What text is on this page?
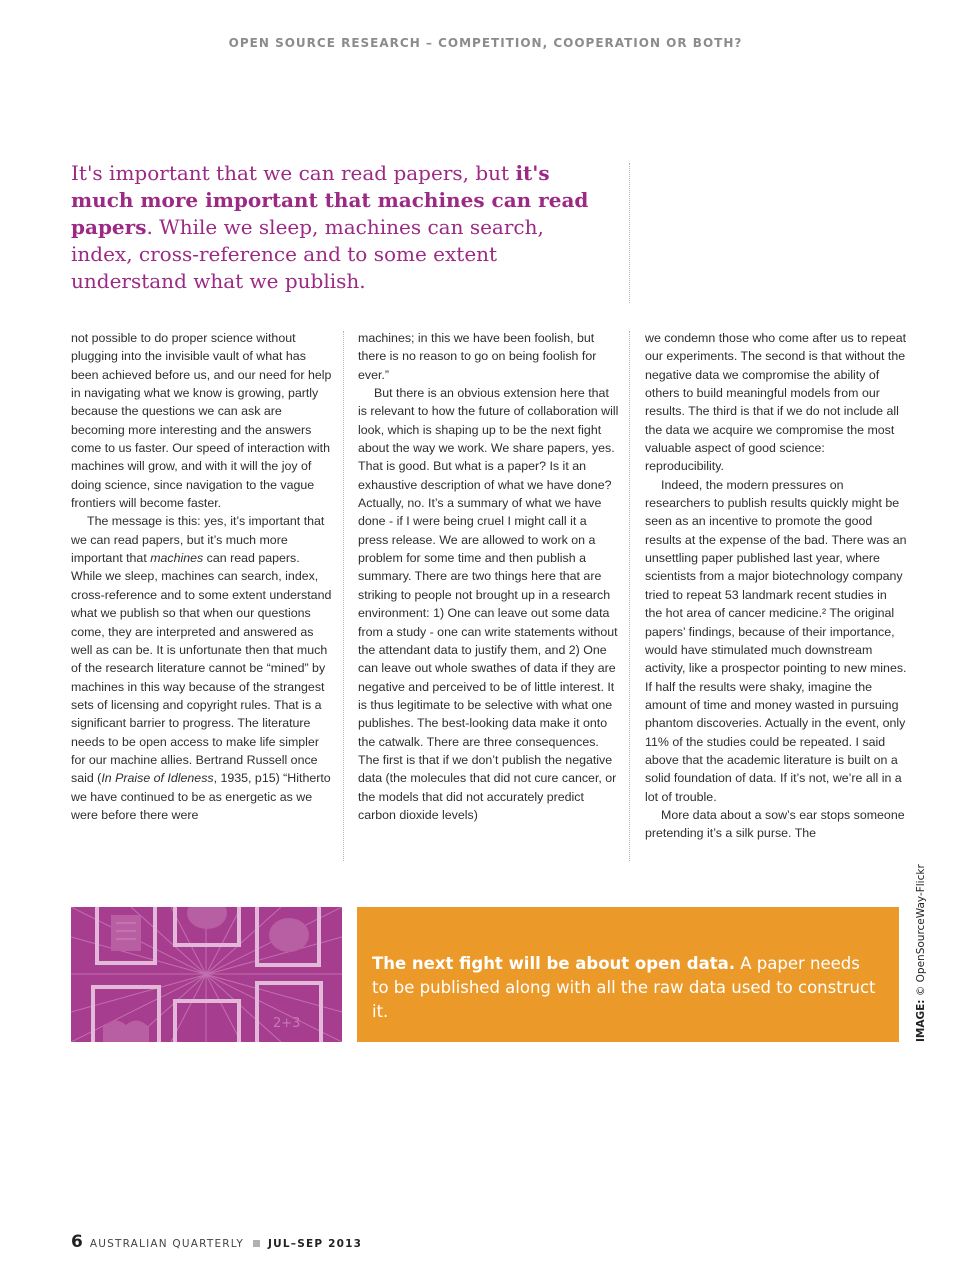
OPEN SOURCE RESEARCH – COMPETITION, COOPERATION OR BOTH?

It's important that we can read papers, but it's much more important that machines can read papers. While we sleep, machines can search, index, cross-reference and to some extent understand what we publish.

not possible to do proper science without plugging into the invisible vault of what has been achieved before us, and our need for help in navigating what we know is growing, partly because the questions we can ask are becoming more interesting and the answers come to us faster. Our speed of interaction with machines will grow, and with it will the joy of doing science, since navigation to the vague frontiers will become faster.

The message is this: yes, it’s important that we can read papers, but it’s much more important that machines can read papers. While we sleep, machines can search, index, cross-reference and to some extent understand what we publish so that when our questions come, they are interpreted and answered as well as can be. It is unfortunate then that much of the research literature cannot be “mined” by machines in this way because of the strangest sets of licensing and copyright rules. That is a significant barrier to progress. The literature needs to be open access to make life simpler for our machine allies. Bertrand Russell once said (In Praise of Idleness, 1935, p15) “Hitherto we have continued to be as energetic as we were before there were

machines; in this we have been foolish, but there is no reason to go on being foolish for ever.”

But there is an obvious extension here that is relevant to how the future of collaboration will look, which is shaping up to be the next fight about the way we work. We share papers, yes. That is good. But what is a paper? Is it an exhaustive description of what we have done? Actually, no. It’s a summary of what we have done - if I were being cruel I might call it a press release. We are allowed to work on a problem for some time and then publish a summary. There are two things here that are striking to people not brought up in a research environment: 1) One can leave out some data from a study - one can write statements without the attendant data to justify them, and 2) One can leave out whole swathes of data if they are negative and perceived to be of little interest. It is thus legitimate to be selective with what one publishes. The best-looking data make it onto the catwalk. There are three consequences. The first is that if we don’t publish the negative data (the molecules that did not cure cancer, or the models that did not accurately predict carbon dioxide levels)

we condemn those who come after us to repeat our experiments. The second is that without the negative data we compromise the ability of others to build meaningful models from our results. The third is that if we do not include all the data we acquire we compromise the most valuable aspect of good science: reproducibility.

Indeed, the modern pressures on researchers to publish results quickly might be seen as an incentive to promote the good results at the expense of the bad. There was an unsettling paper published last year, where scientists from a major biotechnology company tried to repeat 53 landmark recent studies in the hot area of cancer medicine.² The original papers’ findings, because of their importance, would have stimulated much downstream activity, like a prospector pointing to new mines. If half the results were shaky, imagine the amount of time and money wasted in pursuing phantom discoveries. Actually in the event, only 11% of the studies could be repeated. I said above that the academic literature is built on a solid foundation of data. If it’s not, we’re all in a lot of trouble.

More data about a sow’s ear stops someone pretending it’s a silk purse. The

2+3
The next fight will be about open data. A paper needs to be published along with all the raw data used to construct it.	IMAGE: © OpenSourceWay-Flickr
6 AUSTRALIAN QUARTERLY JUL–SEP 2013
